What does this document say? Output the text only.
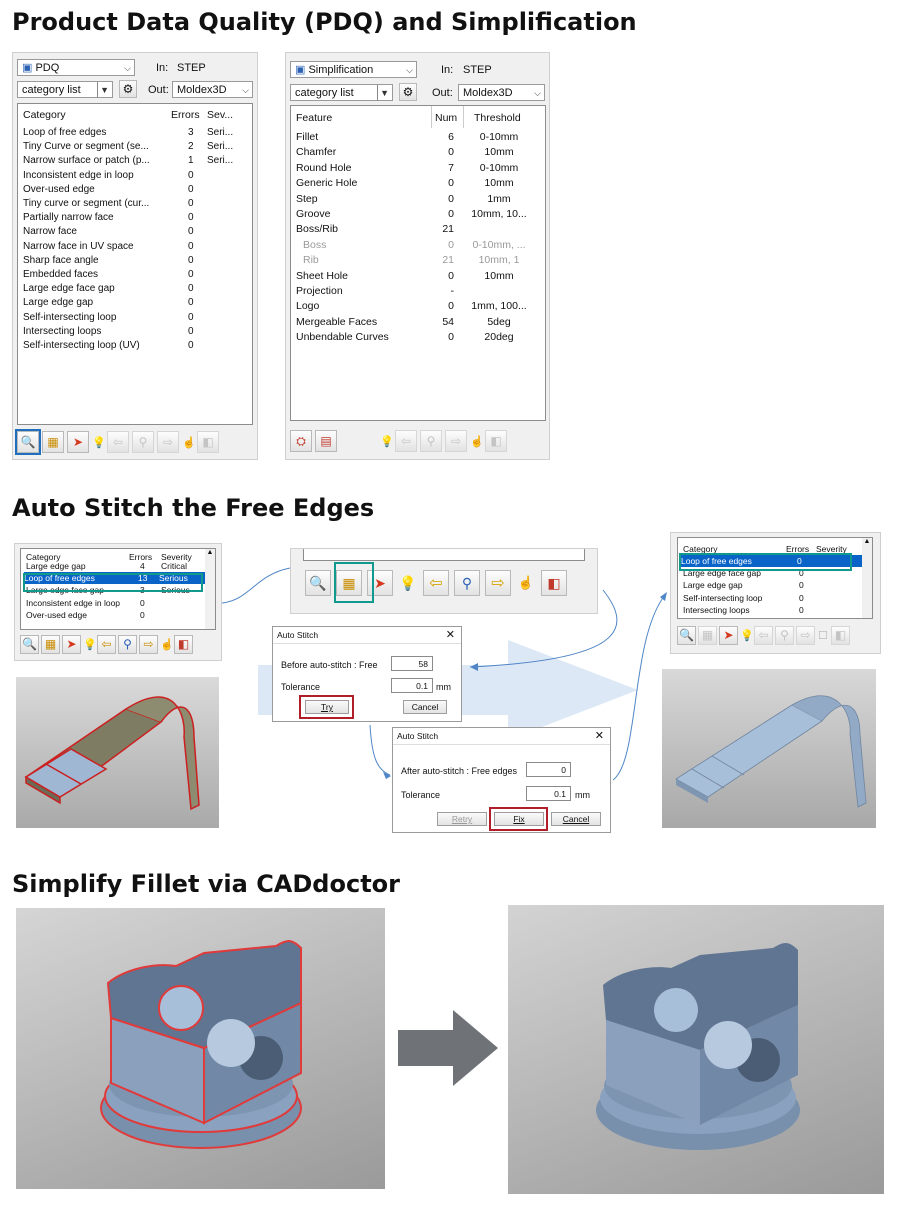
Product Data Quality (PDQ) and Simplification
▣ PDQ	⌵ In: STEP
category list	▼	⚙	Out: Moldex3D ⌵
Category	Errors Sev...
Loop of free edges	3 Seri...
Tiny Curve or segment (se...	2 Seri...
Narrow surface or patch (p...	1 Seri...
Inconsistent edge in loop	0
Over-used edge	0
Tiny curve or segment (cur...	0
Partially narrow face	0
Narrow face	0
Narrow face in UV space	0
Sharp face angle	0
Embedded faces	0
Large edge face gap	0
Large edge gap	0
Self-intersecting loop	0
Intersecting loops	0
Self-intersecting loop (UV)	0
🔍 ▦	➤ 💡 ⇦	⚲	⇨ ☝ ◧
▣ Simplification	⌵	In: STEP
category list	▼	⚙	Out: Moldex3D ⌵
Feature	Num Threshold
Fillet	6	0-10mm
Chamfer	0	10mm
Round Hole	7	0-10mm
Generic Hole	0	10mm
Step	0	1mm
Groove	0	10mm, 10...
Boss/Rib	21
Boss	0	0-10mm, ...
Rib	21	10mm, 1
Sheet Hole	0	10mm
Projection	-
Logo	0	1mm, 100...
Mergeable Faces	54	5deg
Unbendable Curves	0	20deg
⛭	▤	💡 ⇦	⚲	⇨ ☝ ◧
Auto Stitch the Free Edges
Category	Errors Severity
Large edge gap	4 Critical
Loop of free edges	13 Serious
Large edge face gap	3 Serious
Inconsistent edge in loop 0
Over-used edge	0
▲
🔍 ▦ ➤ 💡 ⇦ ⚲ ⇨ ☝ ◧
🔍	▦	➤ 💡 ⇦	⚲	⇨	☝ ◧
Category	Errors Severity
Loop of free edges	0
Large edge face gap	0
Large edge gap	0
Self-intersecting loop	0
Intersecting loops	0
▲
🔍 ▦ ➤ 💡 ⇦ ⚲ ⇨ ☐ ◧
Auto Stitch	✕
Before auto-stitch : Free	58
Tolerance	0.1 mm
Try	Cancel
Auto Stitch	✕
After auto-stitch : Free edges	0
Tolerance	0.1	mm
Retry	Fix	Cancel
Simplify Fillet via CADdoctor
